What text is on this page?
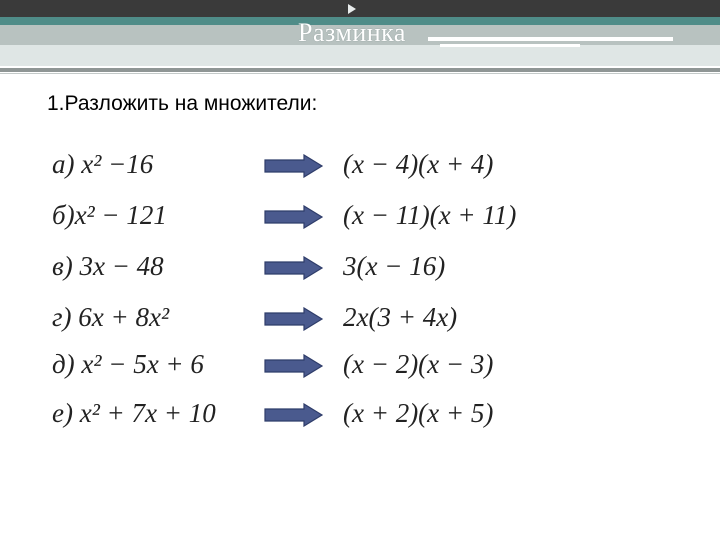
Разминка
1.Разложить на множители:
а) x² −16	(x − 4)(x + 4)
б)x² − 121	(x − 11)(x + 11)
в) 3x − 48	3(x − 16)
г) 6x + 8x²	2x(3 + 4x)
д) x² − 5x + 6	(x − 2)(x − 3)
е) x² + 7x + 10	(x + 2)(x + 5)
